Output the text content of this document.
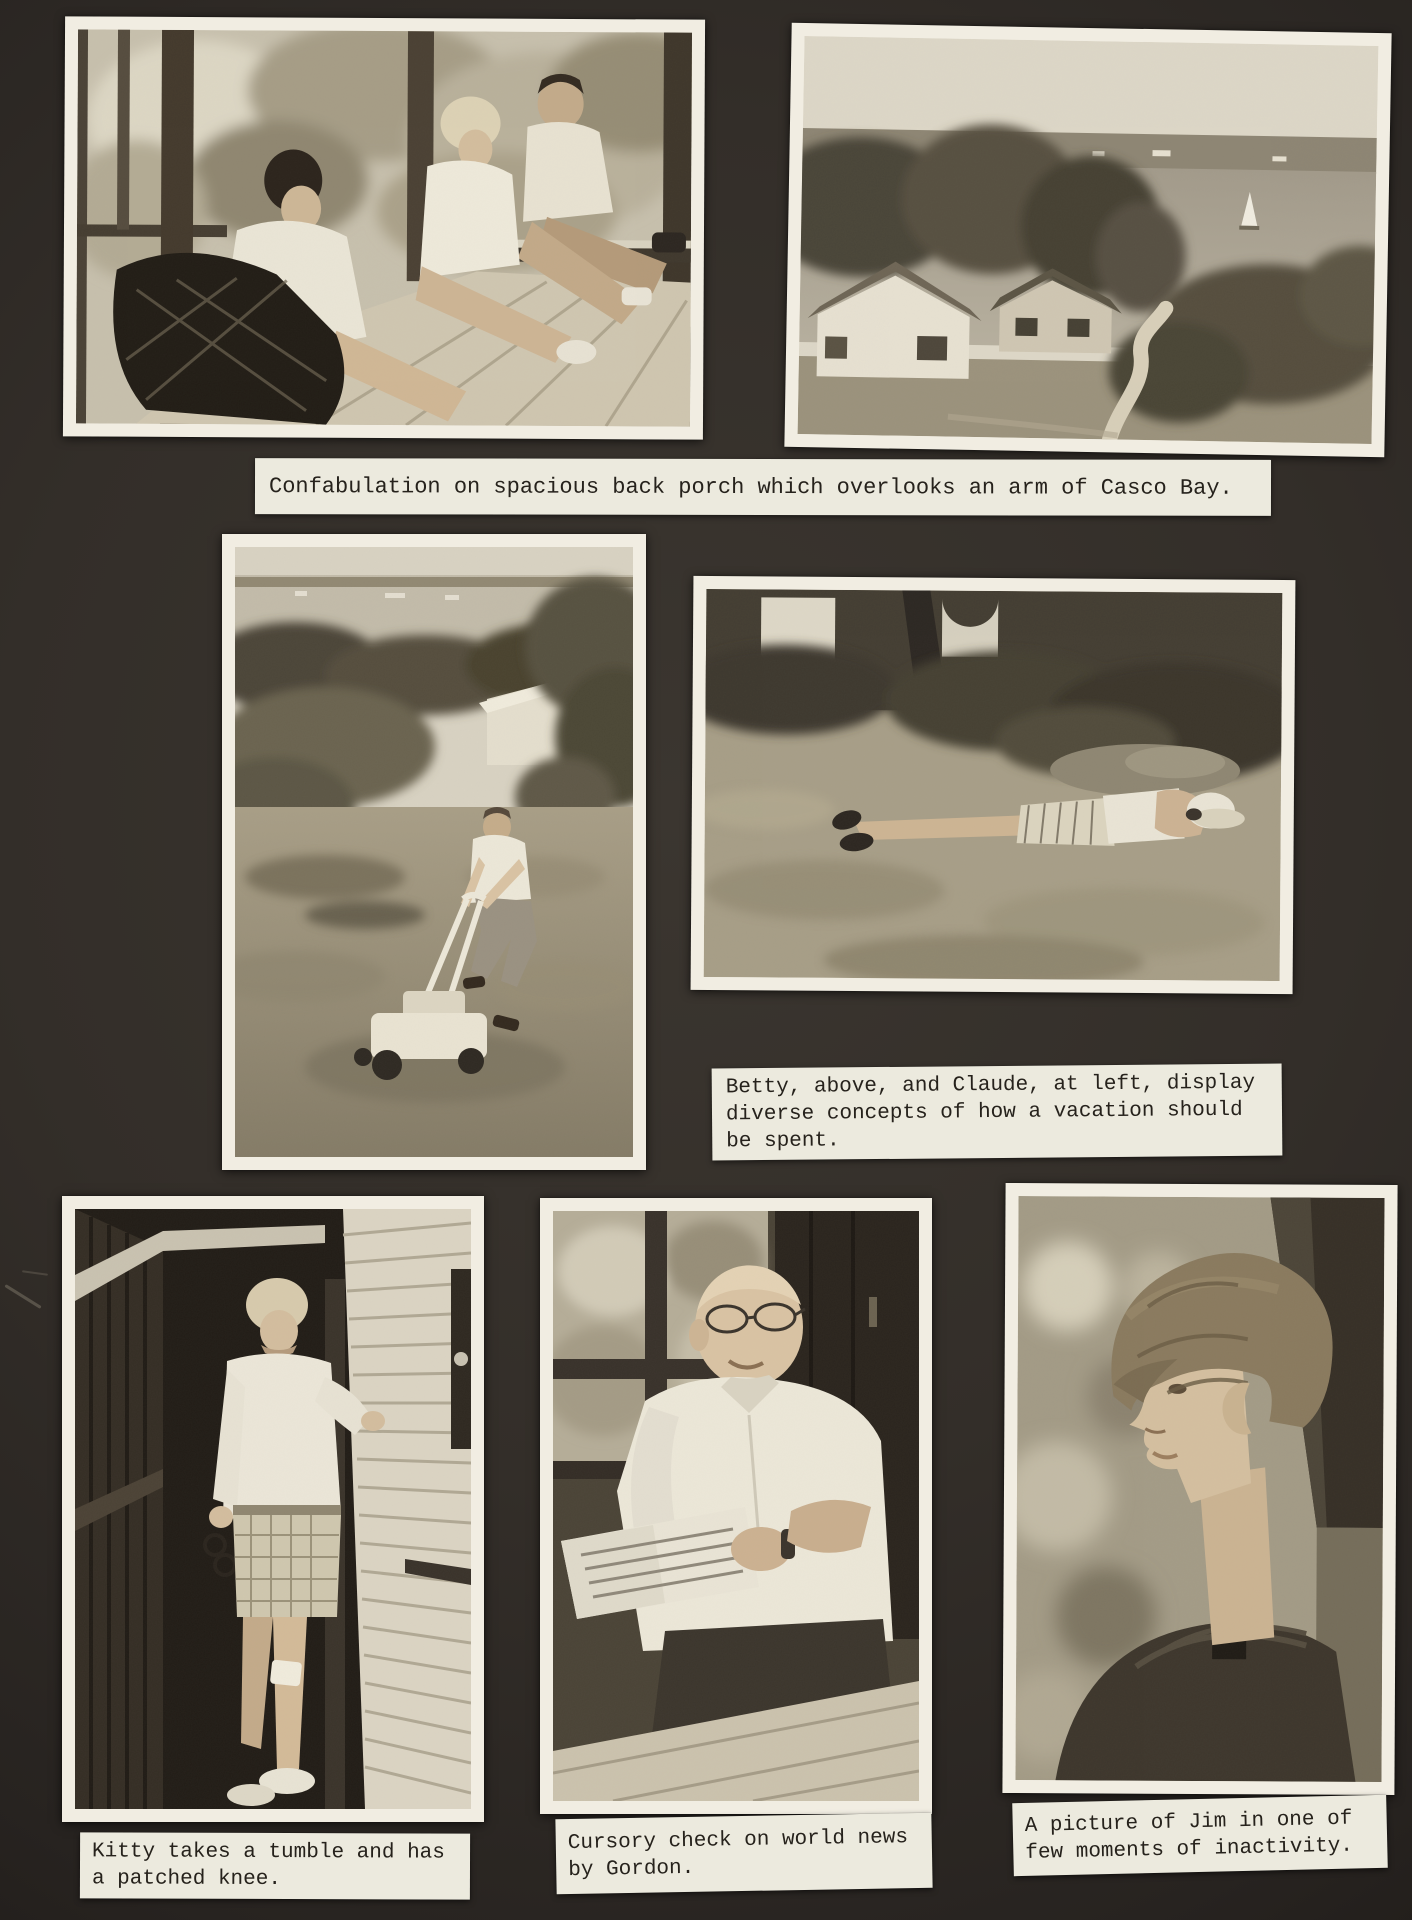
Confabulation on spacious back porch which overlooks an arm of Casco Bay.
Betty, above, and Claude, at left, display
diverse concepts of how a vacation should
be spent.
Kitty takes a tumble and has
a patched knee.
Cursory check on world news
by Gordon.
A picture of Jim in one of
few moments of inactivity.
